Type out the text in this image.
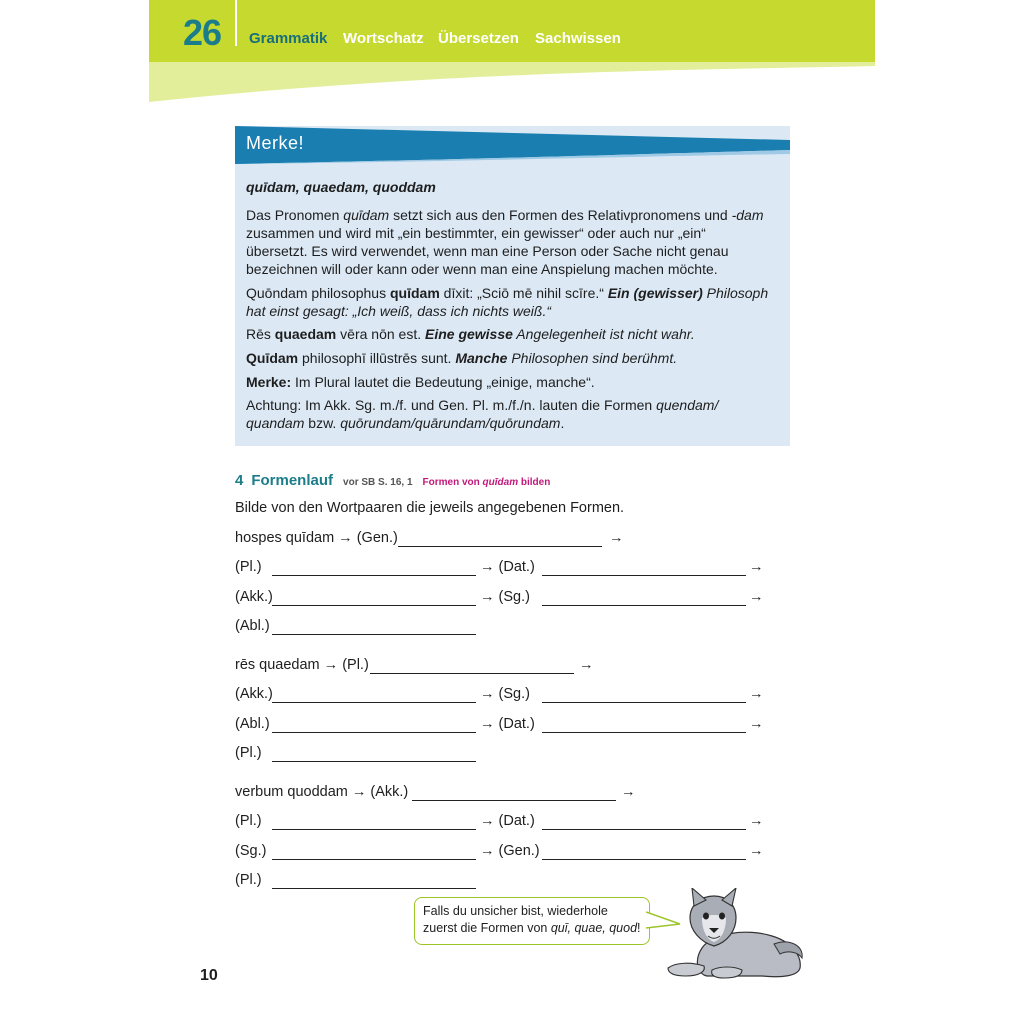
26 Grammatik Wortschatz Übersetzen Sachwissen
Merke!
quīdam, quaedam, quoddam
Das Pronomen quīdam setzt sich aus den Formen des Relativpronomens und -dam
zusammen und wird mit „ein bestimmter, ein gewisser“ oder auch nur „ein“
übersetzt. Es wird verwendet, wenn man eine Person oder Sache nicht genau
bezeichnen will oder kann oder wenn man eine Anspielung machen möchte.
Quōndam philosophus quīdam dīxit: „Sciō mē nihil scīre.“ Ein (gewisser) Philosoph
hat einst gesagt: „Ich weiß, dass ich nichts weiß.“
Rēs quaedam vēra nōn est. Eine gewisse Angelegenheit ist nicht wahr.
Quīdam philosophī illūstrēs sunt. Manche Philosophen sind berühmt.
Merke: Im Plural lautet die Bedeutung „einige, manche“.
Achtung: Im Akk. Sg. m./f. und Gen. Pl. m./f./n. lauten die Formen quendam/
quandam bzw. quōrundam/quārundam/quōrundam.
4 Formenlauf vor SB S. 16, 1 Formen von quīdam bilden
Bilde von den Wortpaaren die jeweils angegebenen Formen.
hospes quīdam → (Gen.)	→
(Pl.)	→ (Dat.)	→
(Akk.)	→ (Sg.)	→
(Abl.)
rēs quaedam → (Pl.)	→
(Akk.)	→ (Sg.)	→
(Abl.)	→ (Dat.)	→
(Pl.)
verbum quoddam → (Akk.)	→
(Pl.)	→ (Dat.)	→
(Sg.)	→ (Gen.)	→
(Pl.)
Falls du unsicher bist, wiederhole
zuerst die Formen von quī, quae, quod!
10
